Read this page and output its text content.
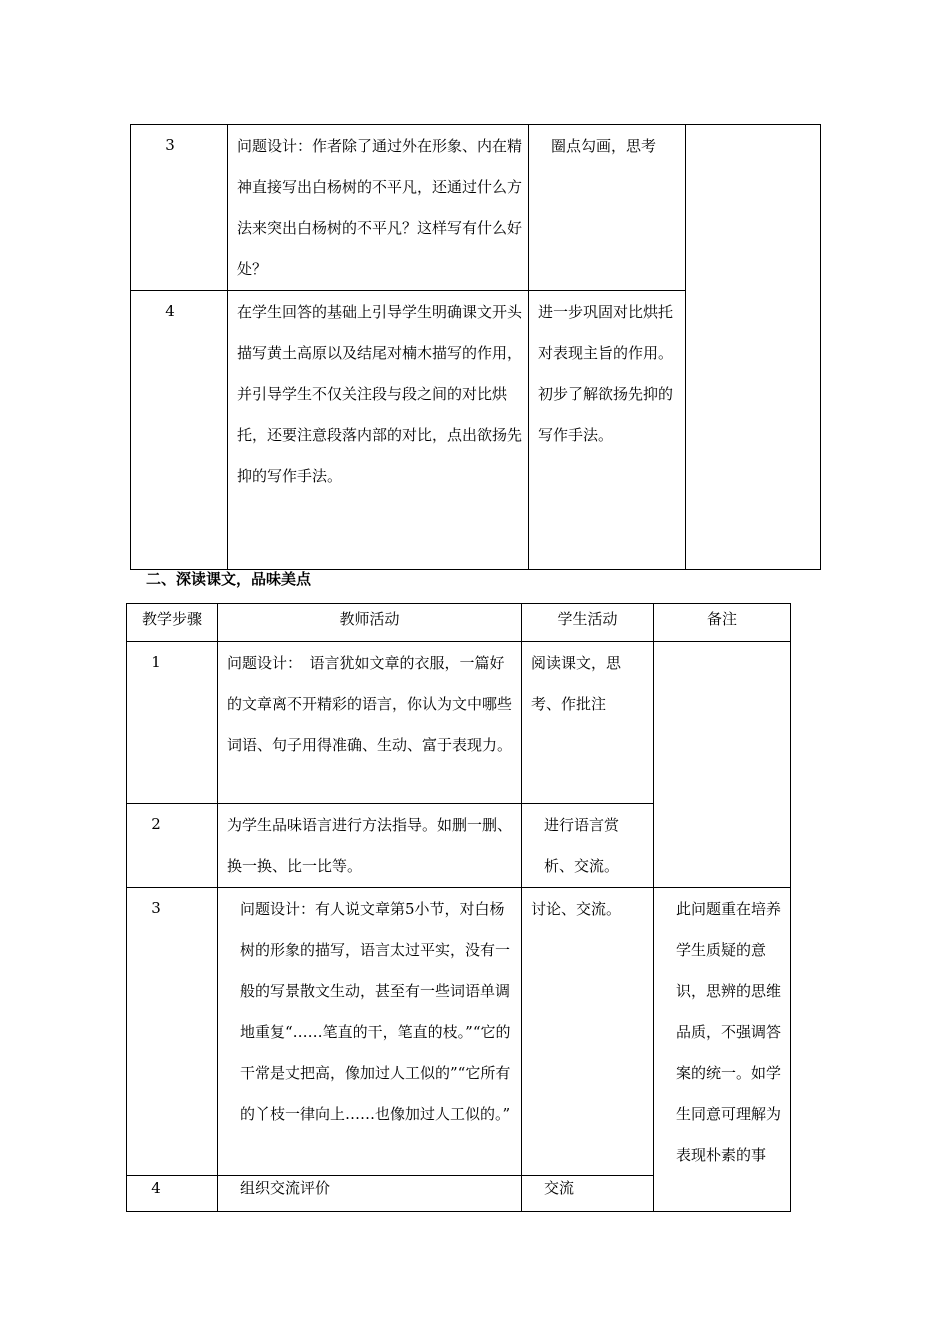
3	问题设计：作者除了通过外在形象、内在精神直接写出白杨树的不平凡，还通过什么方法来突出白杨树的不平凡？这样写有什么好处？	圈点勾画，思考	
4	在学生回答的基础上引导学生明确课文开头描写黄土高原以及结尾对楠木描写的作用，并引导学生不仅关注段与段之间的对比烘托，还要注意段落内部的对比，点出欲扬先抑的写作手法。	进一步巩固对比烘托对表现主旨的作用。初步了解欲扬先抑的写作手法。	
二、深读课文，品味美点
教学步骤	教师活动	学生活动	备注
1	问题设计：　语言犹如文章的衣服，一篇好的文章离不开精彩的语言，你认为文中哪些词语、句子用得准确、生动、富于表现力。	阅读课文，思考、作批注	
2	为学生品味语言进行方法指导。如删一删、换一换、比一比等。	进行语言赏析、交流。	
3	问题设计：有人说文章第5小节，对白杨树的形象的描写，语言太过平实，没有一般的写景散文生动，甚至有一些词语单调地重复“……笔直的干，笔直的枝。”“它的干常是丈把高，像加过人工似的”“它所有的丫枝一律向上……也像加过人工似的。”	讨论、交流。	此问题重在培养学生质疑的意识，思辨的思维品质，不强调答案的统一。如学生同意可理解为表现朴素的事
4	组织交流评价	交流	
